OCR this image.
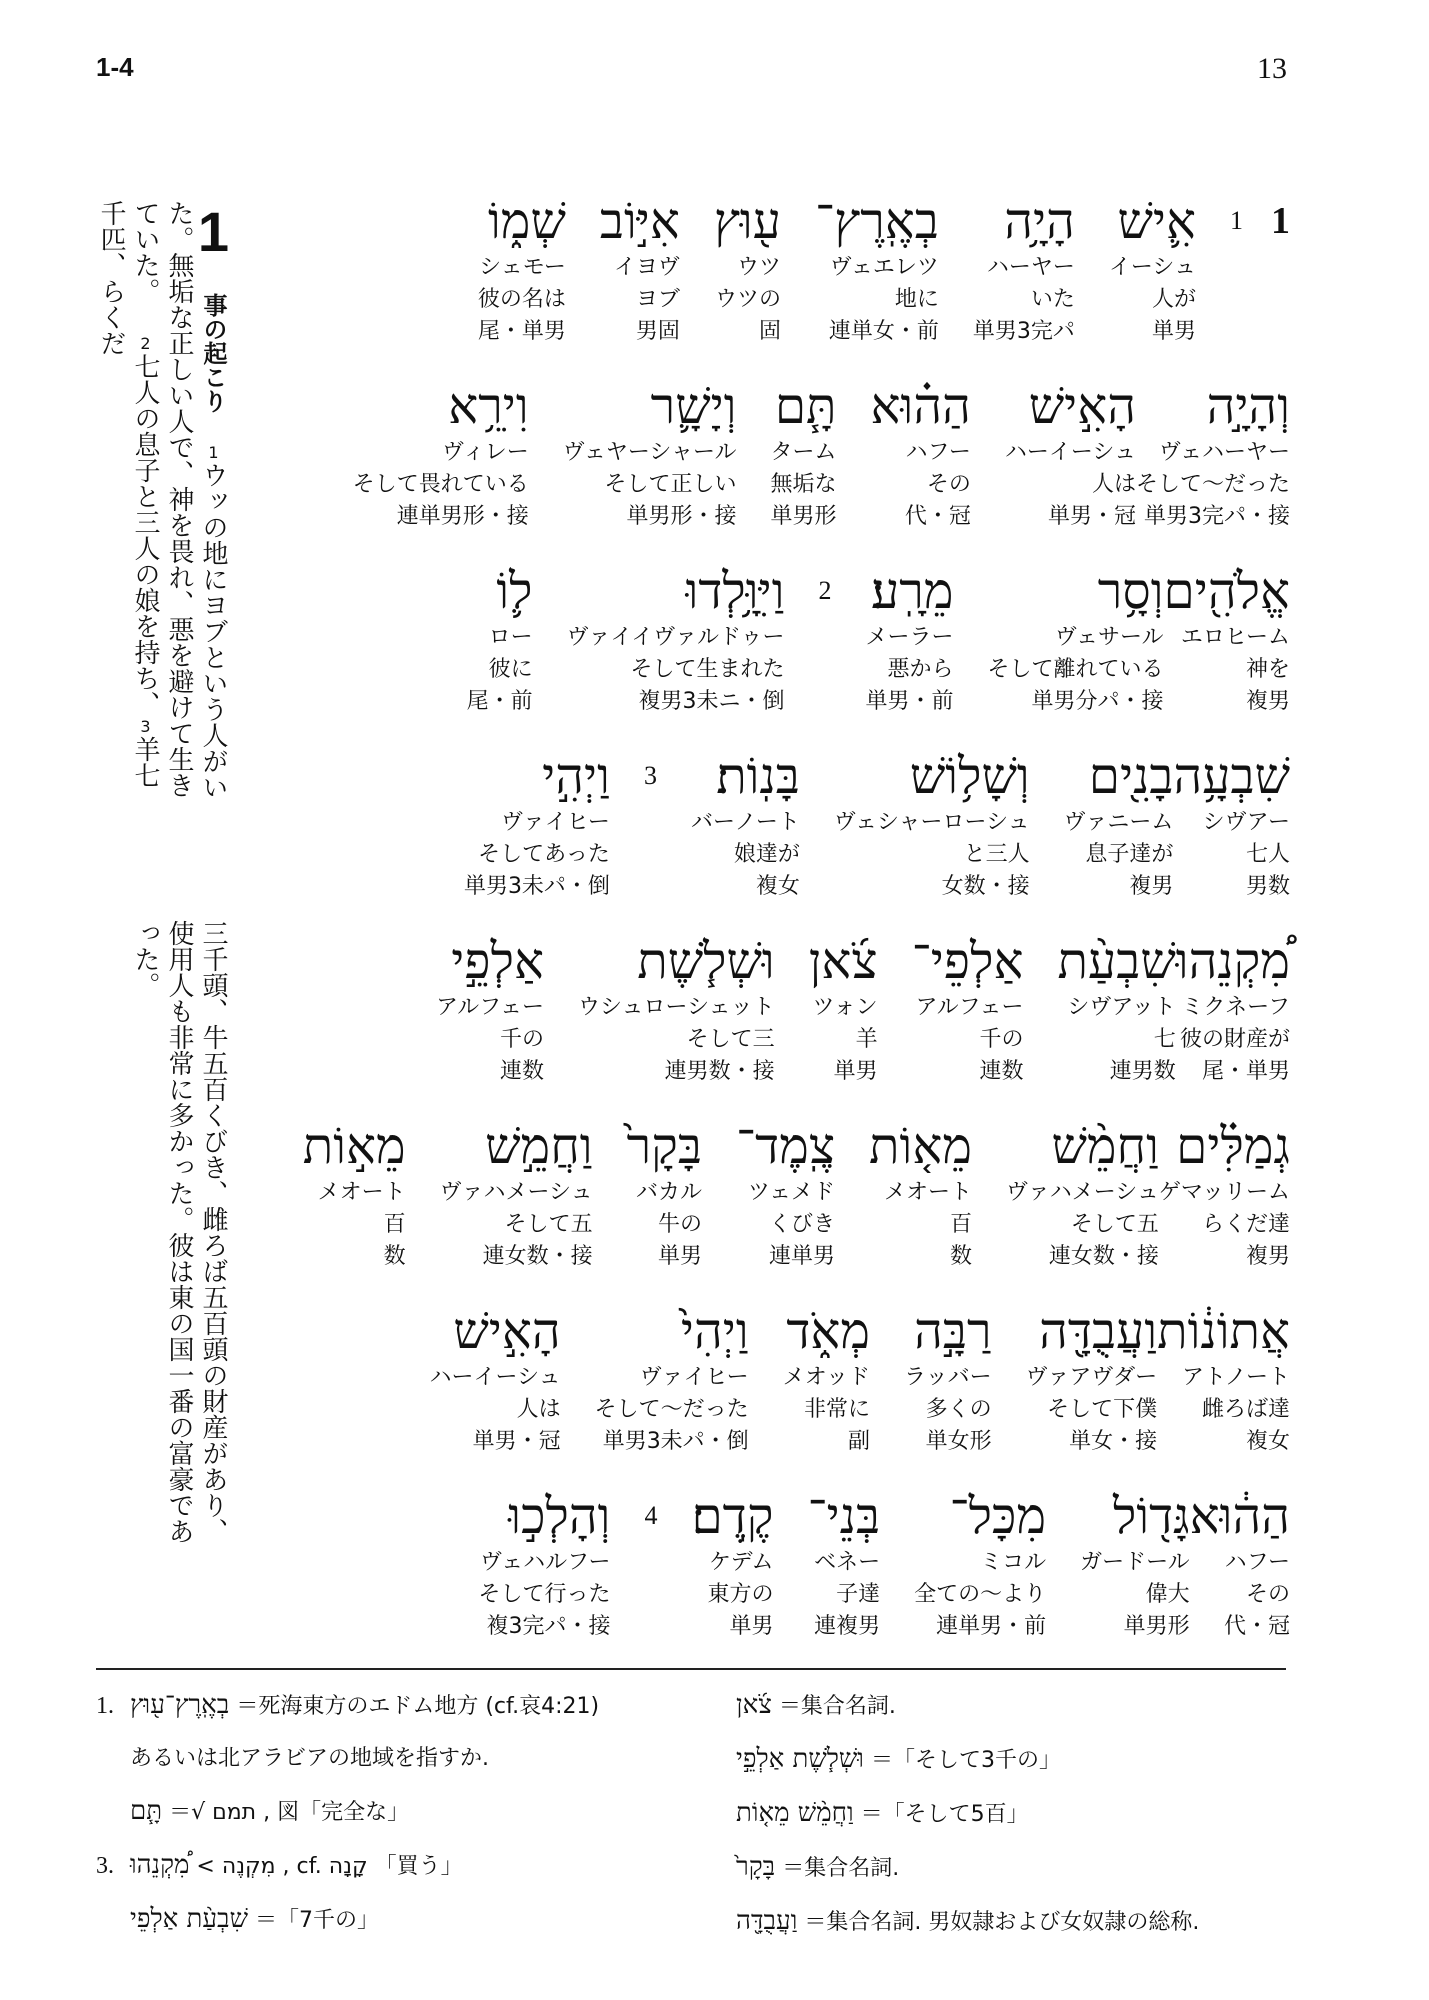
1-4	13
1 事の起こり 1ウッの地にヨブという人がいた。無垢な正しい人で、神を畏れ、悪を避けて生きていた。 2七人の息子と三人の娘を持ち、3羊七千匹、らくだ
三千頭、牛五百くびき、雌ろば五百頭の財産があり、使用人も非常に多かった。彼は東の国一番の富豪であった。
1
1
אִ֛ישׁ
イーシュ
人が
単男
הָיָ֥ה
ハーヤー
いた
単男3完パ
בְאֶֽרֶץ־
ヴェエレツ
地に
連単女・前
ע֖וּץ
ウツ
ウツの
固
אִיּ֣וֹב
イヨヴ
ヨブ
男固
שְׁמ֑וֹ
シェモー
彼の名は
尾・単男
וְהָיָ֣ה
ヴェハーヤー
そして～だった
単男3完パ・接
הָאִ֣ישׁ
ハーイーシュ
人は
単男・冠
הַה֗וּא
ハフー
その
代・冠
תָּ֧ם
ターム
無垢な
単男形
וְיָשָׁ֛ר
ヴェヤーシャール
そして正しい
単男形・接
וִירֵ֥א
ヴィレー
そして畏れている
連単男形・接
אֱלֹהִ֖ים
エロヒーム
神を
複男
וְסָ֥ר
ヴェサール
そして離れている
単男分パ・接
מֵרָֽע׃
メーラー
悪から
単男・前
2
וַיִּוָּ֥לְדוּ
ヴァイイヴァルドゥー
そして生まれた
複男3未ニ・倒
ל֛וֹ
ロー
彼に
尾・前
שִׁבְעָ֥ה
シヴアー
七人
男数
בָנִ֖ים
ヴァニーム
息子達が
複男
וְשָׁל֥וֹשׁ
ヴェシャーローシュ
と三人
女数・接
בָּנֽוֹת׃
バーノート
娘達が
複女
3
וַיְהִ֣י
ヴァイヒー
そしてあった
単男3未パ・倒
מִ֠קְנֵהוּ
ミクネーフ
彼の財産が
尾・単男
שִׁבְעַ֨ת
シヴアット
七
連男数
אַלְפֵי־
アルフェー
千の
連数
צֹ֜אן
ツォン
羊
単男
וּשְׁלֹ֧שֶׁת
ウシュローシェット
そして三
連男数・接
אַלְפֵ֣י
アルフェー
千の
連数
גְמַלִּ֗ים
ゲマッリーム
らくだ達
複男
וַחֲמֵ֨שׁ
ヴァハメーシュ
そして五
連女数・接
מֵא֤וֹת
メオート
百
数
צֶֽמֶד־
ツェメド
くびき
連単男
בָּקָר֙
バカル
牛の
単男
וַחֲמֵ֣שׁ
ヴァハメーシュ
そして五
連女数・接
מֵא֣וֹת
メオート
百
数
אֲתוֹנ֔וֹת
アトノート
雌ろば達
複女
וַעֲבֻדָּ֖ה
ヴァアヴダー
そして下僕
単女・接
רַבָּ֣ה
ラッバー
多くの
単女形
מְאֹ֑ד
メオッド
非常に
副
וַיְהִי֙
ヴァイヒー
そして～だった
単男3未パ・倒
הָאִ֣ישׁ
ハーイーシュ
人は
単男・冠
הַה֔וּא
ハフー
その
代・冠
גָּד֖וֹל
ガードール
偉大
単男形
מִכָּל־
ミコル
全ての～より
連単男・前
בְּנֵי־
ベネー
子達
連複男
קֶֽדֶם׃
ケデム
東方の
単男
4
וְהָלְכ֣וּ
ヴェハルフー
そして行った
複3完パ・接
1. בְאֶֽרֶץ־ע֖וּץ ＝死海東方のエドム地方 (cf.哀4:21)
あるいは北アラビアの地域を指すか.
תָּ֧ם ＝√ תמם , 図「完全な」
3. מִ֠קְנֵהוּ < מִקְנֶה , cf. קָנָה 「買う」
שִׁבְעַ֨ת אַלְפֵי ＝「7千の」
צֹ֜אן ＝集合名詞.
וּשְׁלֹ֧שֶׁת אַלְפֵ֣י ＝「そして3千の」
וַחֲמֵ֨שׁ מֵא֤וֹת ＝「そして5百」
בָּקָר֙ ＝集合名詞.
וַעֲבֻדָּ֖ה ＝集合名詞. 男奴隷および女奴隷の総称.
